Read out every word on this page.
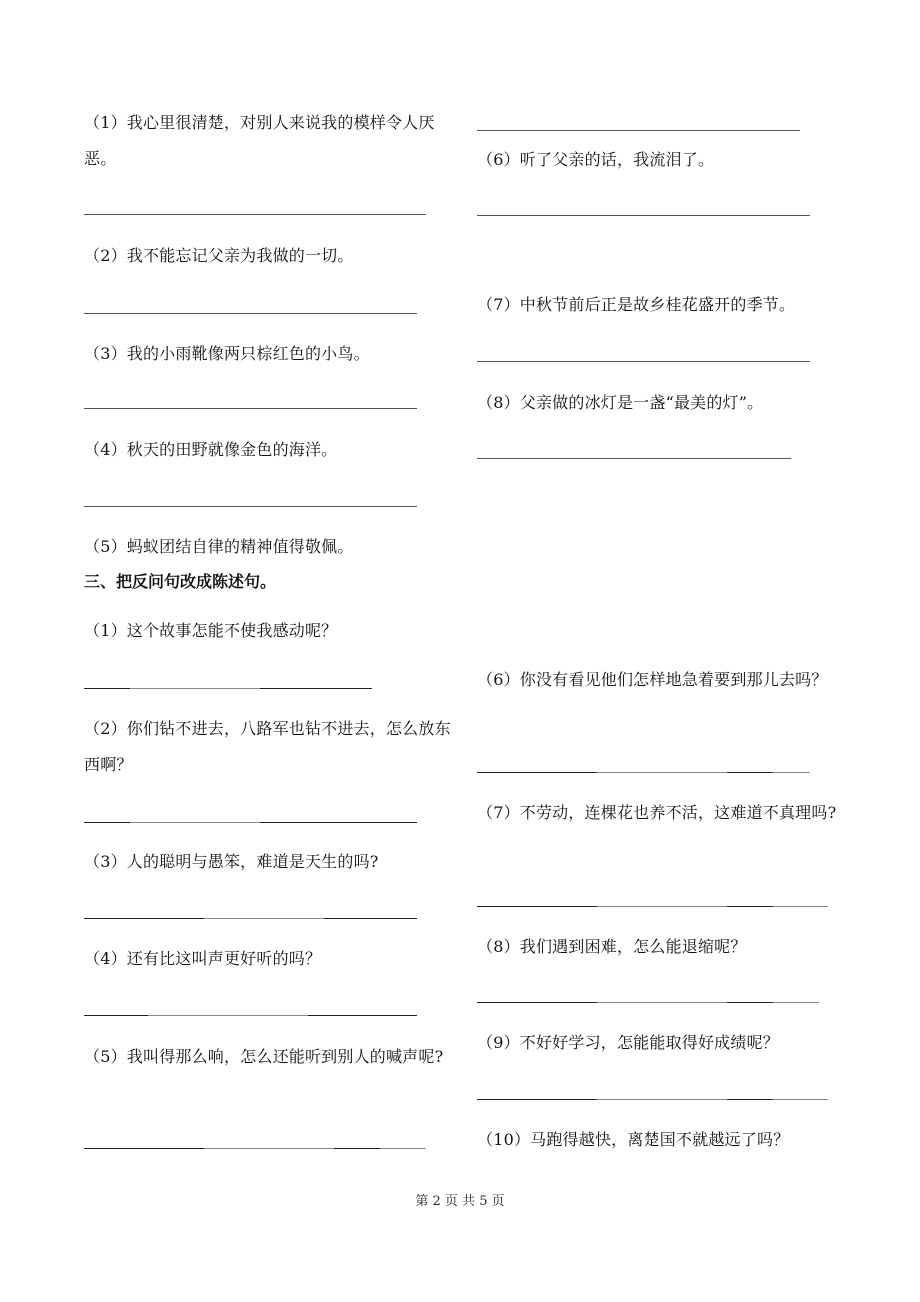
（1）我心里很清楚，对别人来说我的模样令人厌恶。
（2）我不能忘记父亲为我做的一切。
（3）我的小雨靴像两只棕红色的小鸟。
（4）秋天的田野就像金色的海洋。
（5）蚂蚁团结自律的精神值得敬佩。
（6）听了父亲的话，我流泪了。
（7）中秋节前后正是故乡桂花盛开的季节。
（8）父亲做的冰灯是一盏“最美的灯”。
三、把反问句改成陈述句。
（1）这个故事怎能不使我感动呢？
（2）你们钻不进去，八路军也钻不进去，怎么放东西啊？
（3）人的聪明与愚笨，难道是天生的吗?
（4）还有比这叫声更好听的吗？
（5）我叫得那么响，怎么还能听到别人的喊声呢?
（6）你没有看见他们怎样地急着要到那儿去吗？
（7）不劳动，连棵花也养不活，这难道不真理吗?
（8）我们遇到困难，怎么能退缩呢？
（9）不好好学习，怎能能取得好成绩呢？
（10）马跑得越快，离楚国不就越远了吗？
第 2 页 共 5 页
